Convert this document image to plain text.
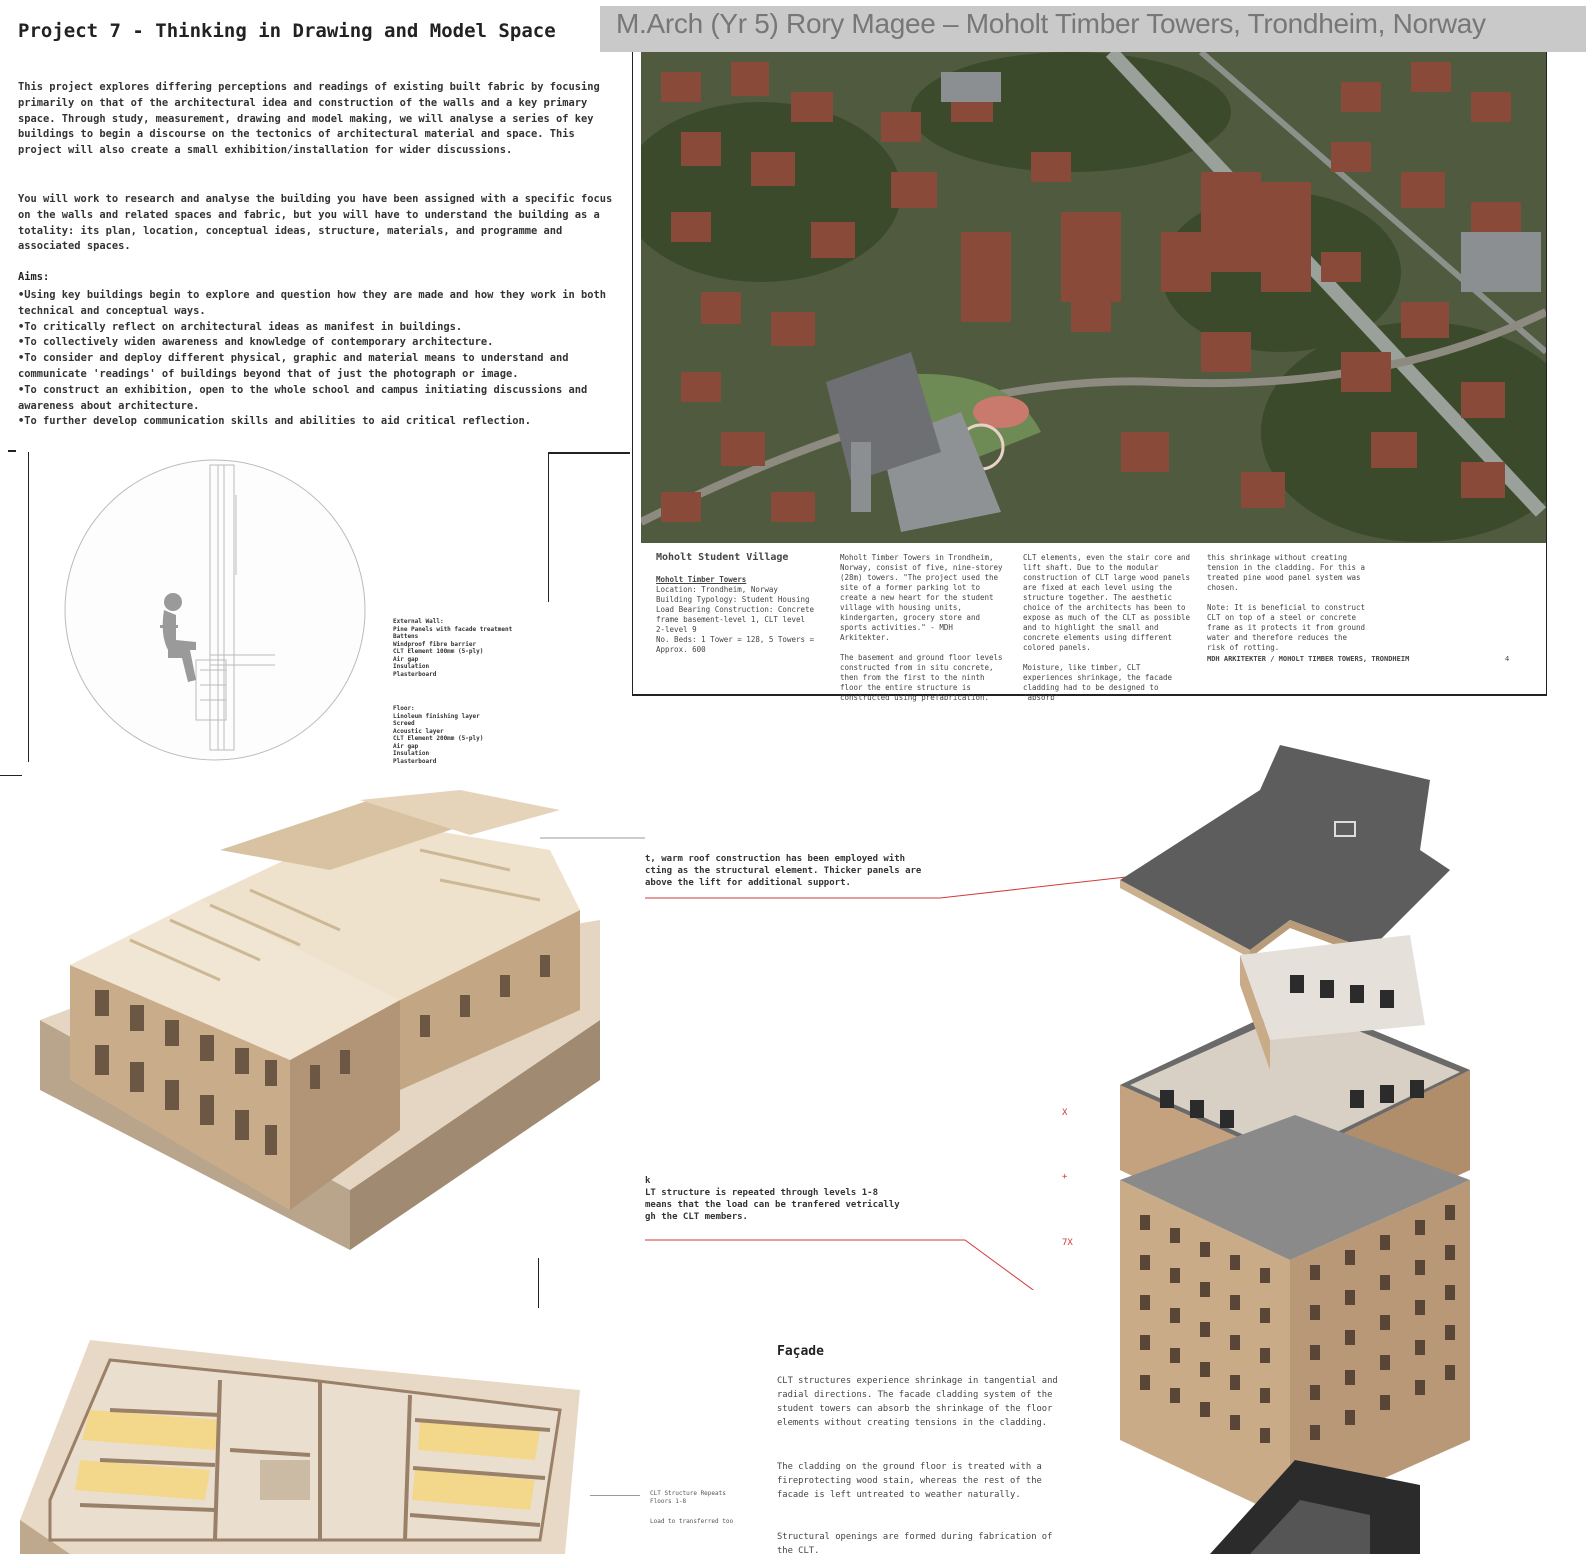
M.Arch (Yr 5) Rory Magee – Moholt Timber Towers, Trondheim, Norway
Project 7 - Thinking in Drawing and Model Space
This project explores differing perceptions and readings of existing built fabric by focusing primarily on that of the architectural idea and construction of the walls and a key primary space. Through study, measurement, drawing and model making, we will analyse a series of key buildings to begin a discourse on the tectonics of architectural material and space. This project will also create a small exhibition/installation for wider discussions.
You will work to research and analyse the building you have been assigned with a specific focus on the walls and related spaces and fabric, but you will have to understand the building as a totality: its plan, location, conceptual ideas, structure, materials, and programme and associated spaces.
Aims:
• Using key buildings begin to explore and question how they are made and how they work in both technical and conceptual ways.
• To critically reflect on architectural ideas as manifest in buildings.
• To collectively widen awareness and knowledge of contemporary architecture.
• To consider and deploy different physical, graphic and material means to understand and communicate 'readings' of buildings beyond that of just the photograph or image.
• To construct an exhibition, open to the whole school and campus initiating discussions and awareness about architecture.
• To further develop communication skills and abilities to aid critical reflection.
External Wall:
Pine Panels with facade treatment
Battens
Windproof fibre barrier
CLT Element 100mm (5-ply)
Air gap
Insulation
Plasterboard
Floor:
Linoleum finishing layer
Screed
Acoustic layer
CLT Element 200mm (5-ply)
Air gap
Insulation
Plasterboard
Moholt Student Village
Moholt Timber Towers
Location: Trondheim, Norway
Building Typology: Student Housing
Load Bearing Construction: Concrete frame basement-level 1, CLT level 2-level 9
No. Beds: 1 Tower = 128, 5 Towers = Approx. 600
Moholt Timber Towers in Trondheim, Norway, consist of five, nine-storey (28m) towers. "The project used the site of a former parking lot to create a new heart for the student village with housing units, kindergarten, grocery store and sports activities." - MDH Arkitekter.

The basement and ground floor levels constructed from in situ concrete, then from the first to the ninth floor the entire structure is constructed using prefabrication.
CLT elements, even the stair core and lift shaft. Due to the modular construction of CLT large wood panels are fixed at each level using the structure together. The aesthetic choice of the architects has been to expose as much of the CLT as possible and to highlight the small and concrete elements using different colored panels.

Moisture, like timber, CLT experiences shrinkage, the facade cladding had to be designed to 'absorb'
this shrinkage without creating tension in the cladding. For this a treated pine wood panel system was chosen.

Note: It is beneficial to construct CLT on top of a steel or concrete frame as it protects it from ground water and therefore reduces the risk of rotting.
MDH ARKITEKTER / MOHOLT TIMBER TOWERS, TRONDHEIM	4
t, warm roof construction has been employed with
cting as the structural element. Thicker panels are
above the lift for additional support.
k
LT structure is repeated through levels 1-8
means that the load can be tranfered vetrically
gh the CLT members.
X
+
7X
CLT Structure Repeats
Floors 1-8
Load to transferred too
Façade
CLT structures experience shrinkage in tangential and radial directions. The facade cladding system of the student towers can absorb the shrinkage of the floor elements without creating tensions in the cladding.
The cladding on the ground floor is treated with a fireprotecting wood stain, whereas the rest of the facade is left untreated to weather naturally.
Structural openings are formed during fabrication of the CLT.
